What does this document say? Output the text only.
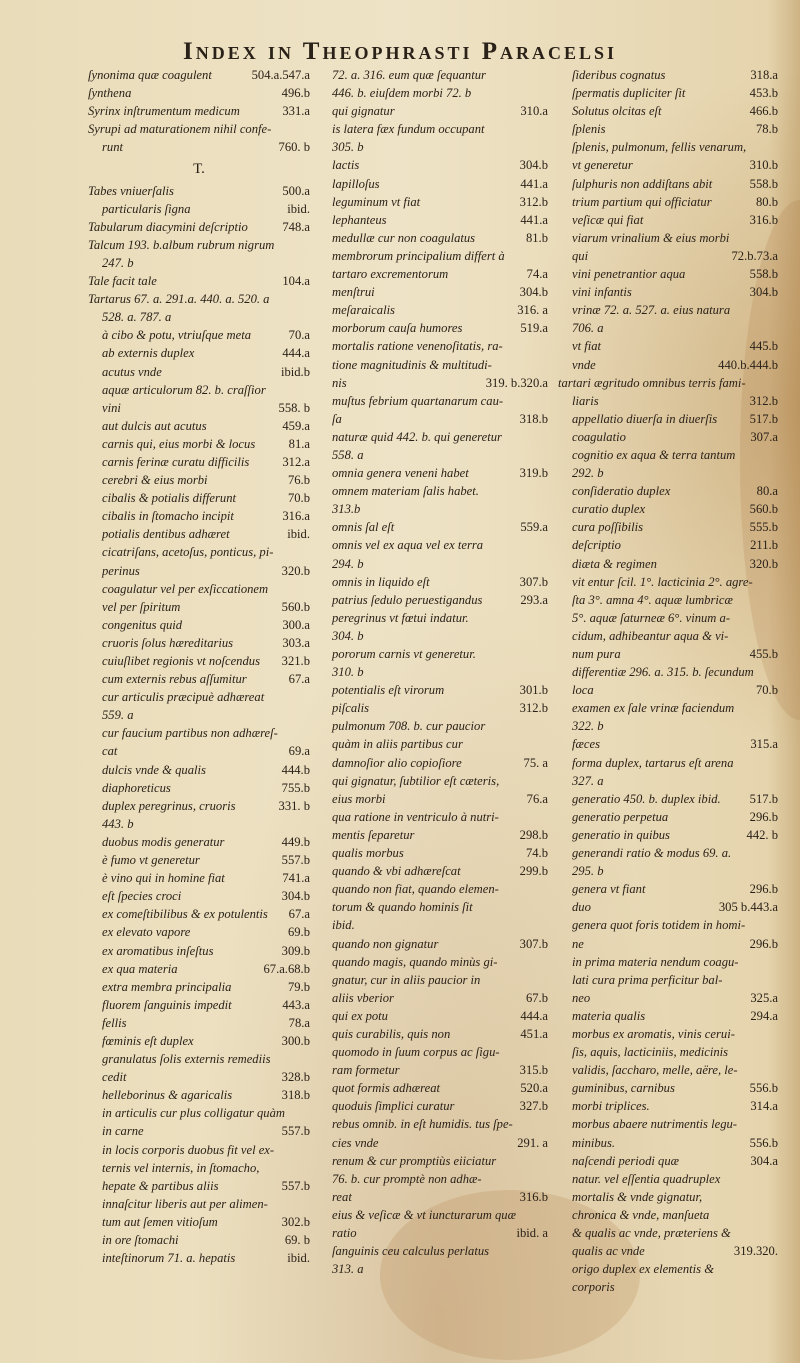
Index in Theophrasti Paracelsi
504.a.547.a
ſynonima quæ coagulent
496.b
ſynthena
331.a
Syrinx inſtrumentum medicum
Syrupi ad maturationem nihil confe-
760. b
runt
T.
500.a
Tabes vniuerſalis
ibid.
particularis ſigna
748.a
Tabularum diacymini deſcriptio
Talcum 193. b.album rubrum nigrum
247. b
104.a
Tale facit tale
Tartarus 67. a. 291.a. 440. a. 520. a
528. a. 787. a
70.a
à cibo & potu, vtriuſque meta
444.a
ab externis duplex
ibid.b
acutus vnde
aquæ articulorum 82. b. craſſior
558. b
vini
459.a
aut dulcis aut acutus
81.a
carnis qui, eius morbi & locus
312.a
carnis ferinæ curatu difficilis
76.b
cerebri & eius morbi
70.b
cibalis & potialis differunt
316.a
cibalis in ſtomacho incipit
ibid.
potialis dentibus adhæret
cicatriſans, acetoſus, ponticus, pi-
320.b
perinus
coagulatur vel per exſiccationem
560.b
vel per ſpiritum
300.a
congenitus quid
303.a
cruoris ſolus hæreditarius
321.b
cuiuſlibet regionis vt noſcendus
67.a
cum externis rebus aſſumitur
cur articulis præcipuè adhæreat
559. a
cur faucium partibus non adhæreſ-
69.a
cat
444.b
dulcis vnde & qualis
755.b
diaphoreticus
331. b
duplex peregrinus, cruoris
443. b
449.b
duobus modis generatur
557.b
è fumo vt generetur
741.a
è vino qui in homine fiat
304.b
eſt ſpecies croci
67.a
ex comeſtibilibus & ex potulentis
69.b
ex elevato vapore
309.b
ex aromatibus inſeſtus
67.a.68.b
ex qua materia
79.b
extra membra principalia
443.a
fluorem ſanguinis impedit
78.a
fellis
300.b
fœminis eſt duplex
granulatus ſolis externis remediis
328.b
cedit
318.b
helleborinus & agaricalis
in articulis cur plus colligatur quàm
557.b
in carne
in locis corporis duobus fit vel ex-
ternis vel internis, in ſtomacho,
557.b
hepate & partibus aliis
innaſcitur liberis aut per alimen-
302.b
tum aut ſemen vitioſum
69. b
in ore ſtomachi
ibid.
inteſtinorum 71. a. hepatis
72. a. 316. eum quæ ſequantur
446. b. eiuſdem morbi 72. b
310.a
qui gignatur
is latera fæx fundum occupant
305. b
304.b
lactis
441.a
lapilloſus
312.b
leguminum vt fiat
441.a
lephanteus
81.b
medullæ cur non coagulatus
membrorum principalium differt à
74.a
tartaro excrementorum
304.b
menſtrui
316. a
meſaraicalis
519.a
morborum cauſa humores
mortalis ratione venenoſitatis, ra-
tione magnitudinis & multitudi-
319. b.320.a
nis
muſtus febrium quartanarum cau-
318.b
ſa
naturæ quid 442. b. qui generetur
558. a
319.b
omnia genera veneni habet
omnem materiam ſalis habet.
313.b
559.a
omnis ſal eſt
omnis vel ex aqua vel ex terra
294. b
307.b
omnis in liquido eſt
293.a
patrius ſedulo peruestigandus
peregrinus vt fœtui indatur.
304. b
pororum carnis vt generetur.
310. b
301.b
potentialis eſt virorum
312.b
piſcalis
pulmonum 708. b. cur paucior
quàm in aliis partibus cur
75. a
damnoſior alio copioſiore
qui gignatur, ſubtilior eſt cæteris,
76.a
eius morbi
qua ratione in ventriculo à nutri-
298.b
mentis ſeparetur
74.b
qualis morbus
299.b
quando & vbi adhæreſcat
quando non fiat, quando elemen-
torum & quando hominis ſit
ibid.
307.b
quando non gignatur
quando magis, quando minùs gi-
gnatur, cur in aliis paucior in
67.b
aliis vberior
444.a
qui ex potu
451.a
quis curabilis, quis non
quomodo in ſuum corpus ac ſigu-
315.b
ram formetur
520.a
quot formis adhæreat
327.b
quoduis ſimplici curatur
rebus omnib. in eſt humidis. tus ſpe-
291. a
cies vnde
renum & cur promptiùs eiiciatur
76. b. cur promptè non adhæ-
316.b
reat
eius & veſicæ & vt iuncturarum quæ
ibid. a
ratio
ſanguinis ceu calculus perlatus
313. a
318.a
ſideribus cognatus
453.b
ſpermatis dupliciter ſit
466.b
Solutus olcitas eſt
78.b
ſplenis
ſplenis, pulmonum, fellis venarum,
310.b
vt generetur
558.b
ſulphuris non addiſtans abit
80.b
trium partium qui officiatur
316.b
veſicæ qui fiat
viarum vrinalium & eius morbi
72.b.73.a
qui
558.b
vini penetrantior aqua
304.b
vini infantis
vrinæ 72. a. 527. a. eius natura
706. a
445.b
vt fiat
440.b.444.b
vnde
tartari ægritudo omnibus terris fami-
312.b
liaris
517.b
appellatio diuerſa in diuerſis
307.a
coagulatio
cognitio ex aqua & terra tantum
292. b
80.a
conſideratio duplex
560.b
curatio duplex
555.b
cura poſſibilis
211.b
deſcriptio
320.b
diæta & regimen
vit entur ſcil. 1°. lacticinia 2°. agre-
ſta 3°. amna 4°. aquæ lumbricæ
5°. aquæ ſaturneæ 6°. vinum a-
cidum, adhibeantur aqua & vi-
455.b
num pura
differentiæ 296. a. 315. b. ſecundum
70.b
loca
examen ex ſale vrinæ faciendum
322. b
315.a
fæces
forma duplex, tartarus eſt arena
327. a
517.b
generatio 450. b. duplex ibid.
296.b
generatio perpetua
442. b
generatio in quibus
generandi ratio & modus 69. a.
295. b
296.b
genera vt fiant
305 b.443.a
duo
genera quot foris totidem in homi-
296.b
ne
in prima materia nendum coagu-
lati cura prima perficitur bal-
325.a
neo
294.a
materia qualis
morbus ex aromatis, vinis cerui-
ſis, aquis, lacticiniis, medicinis
validis, ſaccharo, melle, aëre, le-
556.b
guminibus, carnibus
314.a
morbi triplices.
morbus abaere nutrimentis legu-
556.b
minibus.
304.a
naſcendi periodi quæ
natur. vel eſſentia quadruplex
mortalis & vnde gignatur,
chronica & vnde, manſueta
& qualis ac vnde, præteriens &
319.320.
qualis ac vnde
origo duplex ex elementis &
corporis
